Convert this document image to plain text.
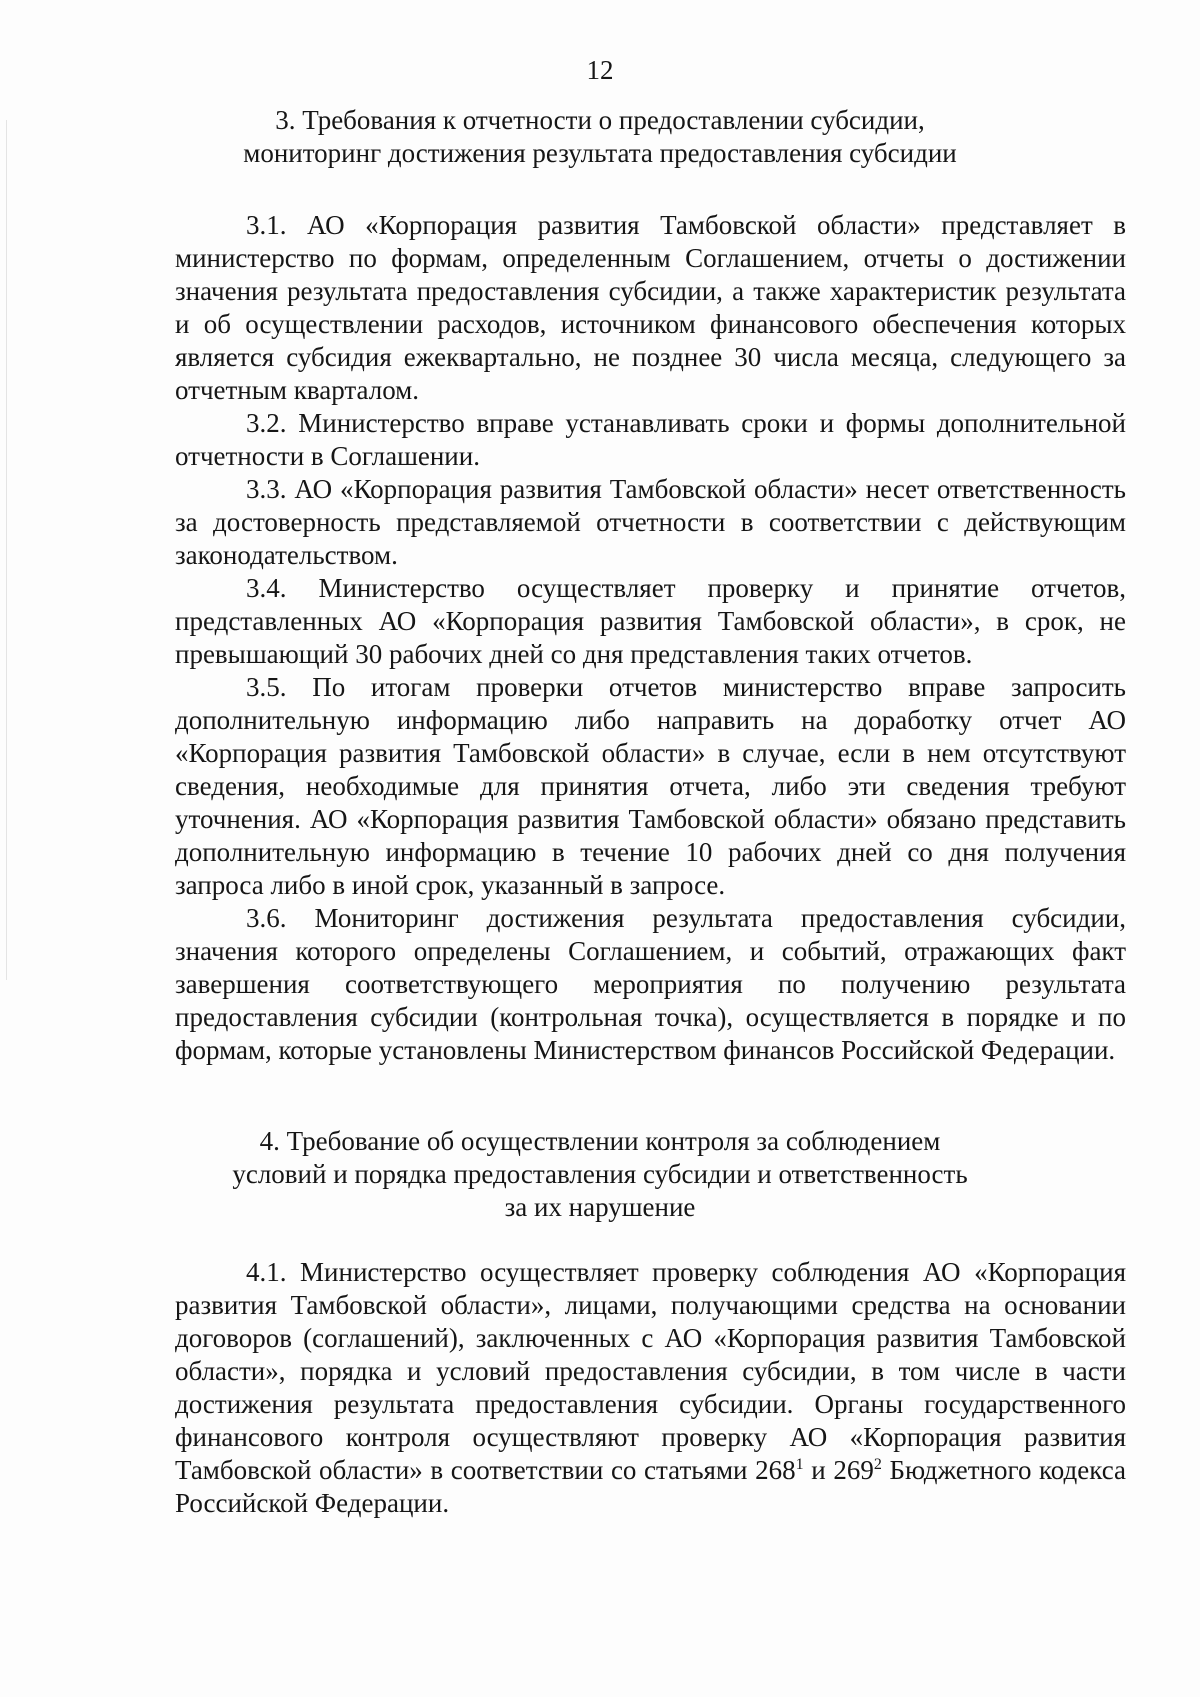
12
3. Требования к отчетности о предоставлении субсидии,
мониторинг достижения результата предоставления субсидии

3.1. АО «Корпорация развития Тамбовской области» представляет в министерство по формам, определенным Соглашением, отчеты о достижении значения результата предоставления субсидии, а также характеристик результата и об осуществлении расходов, источником финансового обеспечения которых является субсидия ежеквартально, не позднее 30 числа месяца, следующего за отчетным кварталом.

3.2. Министерство вправе устанавливать сроки и формы дополнительной отчетности в Соглашении.

3.3. АО «Корпорация развития Тамбовской области» несет ответственность за достоверность представляемой отчетности в соответствии с действующим законодательством.

3.4. Министерство осуществляет проверку и принятие отчетов, представленных АО «Корпорация развития Тамбовской области», в срок, не превышающий 30 рабочих дней со дня представления таких отчетов.

3.5. По итогам проверки отчетов министерство вправе запросить дополнительную информацию либо направить на доработку отчет АО «Корпорация развития Тамбовской области» в случае, если в нем отсутствуют сведения, необходимые для принятия отчета, либо эти сведения требуют уточнения. АО «Корпорация развития Тамбовской области» обязано представить дополнительную информацию в течение 10 рабочих дней со дня получения запроса либо в иной срок, указанный в запросе.

3.6. Мониторинг достижения результата предоставления субсидии, значения которого определены Соглашением, и событий, отражающих факт завершения соответствующего мероприятия по получению результата предоставления субсидии (контрольная точка), осуществляется в порядке и по формам, которые установлены Министерством финансов Российской Федерации.

4. Требование об осуществлении контроля за соблюдением
условий и порядка предоставления субсидии и ответственность
за их нарушение

4.1. Министерство осуществляет проверку соблюдения АО «Корпорация развития Тамбовской области», лицами, получающими средства на основании договоров (соглашений), заключенных с АО «Корпорация развития Тамбовской области», порядка и условий предоставления субсидии, в том числе в части достижения результата предоставления субсидии. Органы государственного финансового контроля осуществляют проверку АО «Корпорация развития Тамбовской области» в соответствии со статьями $268^1$ и $269^2$ Бюджетного кодекса Российской Федерации.
